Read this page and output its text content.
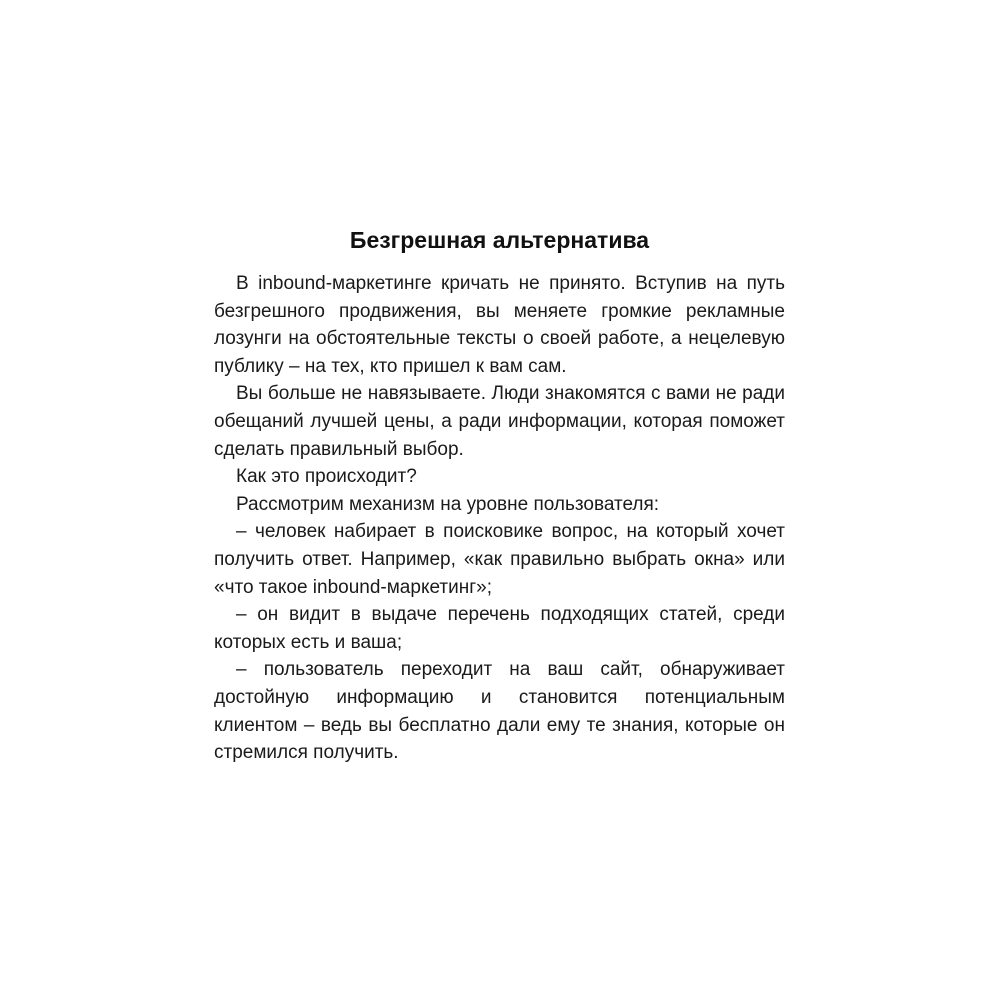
Безгрешная альтернатива

В inbound-маркетинге кричать не принято. Вступив на путь безгрешного продвижения, вы меняете громкие рекламные лозунги на обстоятельные тексты о своей работе, а нецелевую публику – на тех, кто пришел к вам сам.

Вы больше не навязываете. Люди знакомятся с вами не ради обещаний лучшей цены, а ради информации, которая поможет сделать правильный выбор.

Как это происходит?

Рассмотрим механизм на уровне пользователя:

– человек набирает в поисковике вопрос, на который хочет получить ответ. Например, «как правильно выбрать окна» или «что такое inbound-маркетинг»;

– он видит в выдаче перечень подходящих статей, среди которых есть и ваша;

– пользователь переходит на ваш сайт, обнаруживает достойную информацию и становится потенциальным клиентом – ведь вы бесплатно дали ему те знания, которые он стремился получить.
